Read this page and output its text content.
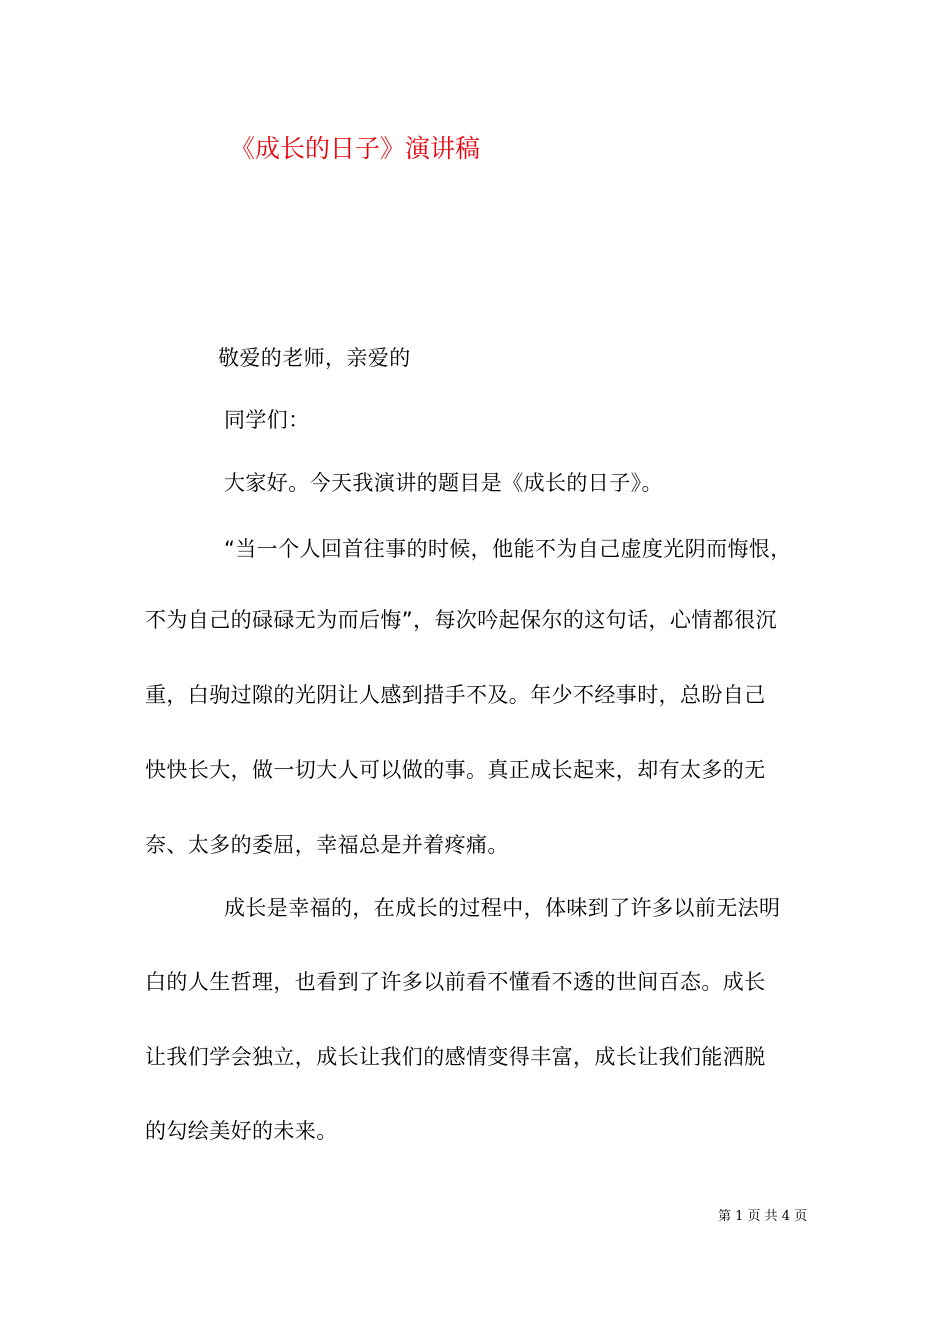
《成长的日子》演讲稿
敬爱的老师，亲爱的
同学们：
大家好。今天我演讲的题目是《成长的日子》。
“当一个人回首往事的时候，他能不为自己虚度光阴而悔恨，
不为自己的碌碌无为而后悔”，每次吟起保尔的这句话，心情都很沉
重，白驹过隙的光阴让人感到措手不及。年少不经事时，总盼自己
快快长大，做一切大人可以做的事。真正成长起来，却有太多的无
奈、太多的委屈，幸福总是并着疼痛。
成长是幸福的，在成长的过程中，体味到了许多以前无法明
白的人生哲理，也看到了许多以前看不懂看不透的世间百态。成长
让我们学会独立，成长让我们的感情变得丰富，成长让我们能洒脱
的勾绘美好的未来。
第 1 页 共 4 页
